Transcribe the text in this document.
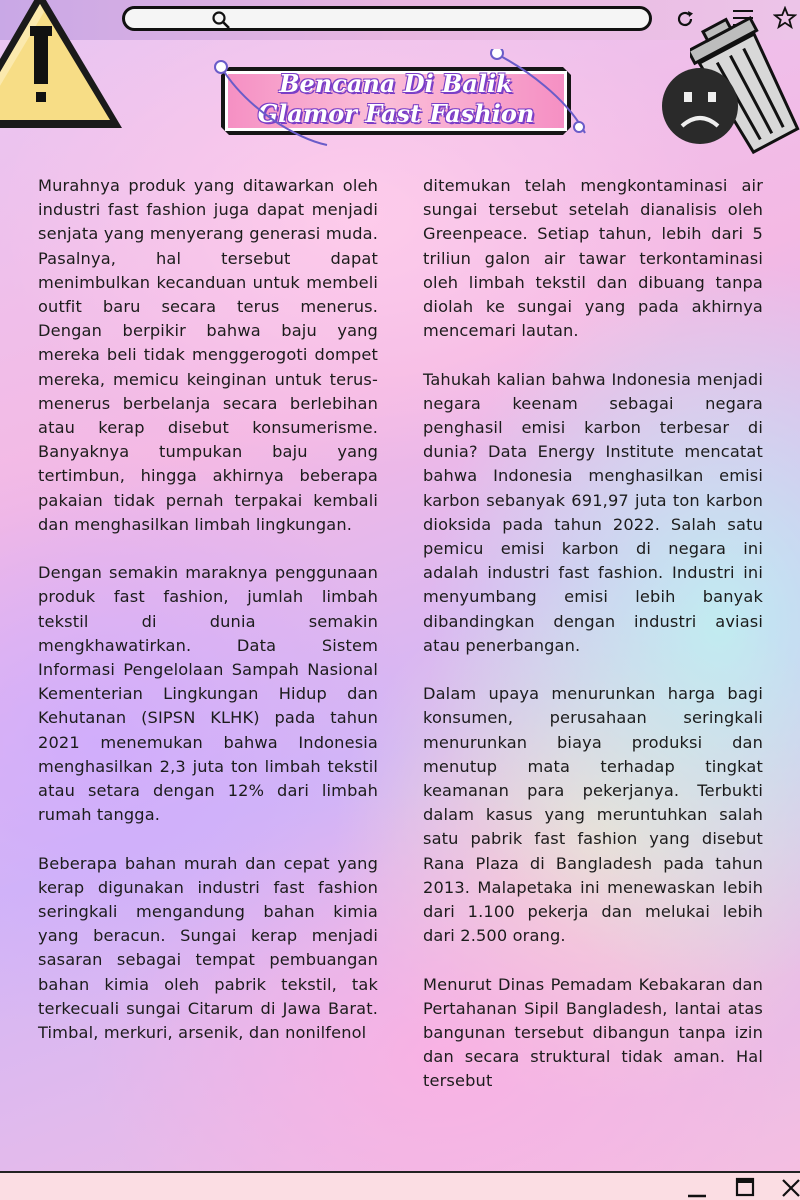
Bencana Di Balik
Glamor Fast Fashion

Murahnya produk yang ditawarkan oleh industri fast fashion juga dapat menjadi senjata yang menyerang generasi muda. Pasalnya, hal tersebut dapat menimbulkan kecanduan untuk membeli outfit baru secara terus menerus. Dengan berpikir bahwa baju yang mereka beli tidak menggerogoti dompet mereka, memicu keinginan untuk terus-menerus berbelanja secara berlebihan atau kerap disebut konsumerisme. Banyaknya tumpukan baju yang tertimbun, hingga akhirnya beberapa pakaian tidak pernah terpakai kembali dan menghasilkan limbah lingkungan.

Dengan semakin maraknya penggunaan produk fast fashion, jumlah limbah tekstil di dunia semakin mengkhawatirkan. Data Sistem Informasi Pengelolaan Sampah Nasional Kementerian Lingkungan Hidup dan Kehutanan (SIPSN KLHK) pada tahun 2021 menemukan bahwa Indonesia menghasilkan 2,3 juta ton limbah tekstil atau setara dengan 12% dari limbah rumah tangga.

Beberapa bahan murah dan cepat yang kerap digunakan industri fast fashion seringkali mengandung bahan kimia yang beracun. Sungai kerap menjadi sasaran sebagai tempat pembuangan bahan kimia oleh pabrik tekstil, tak terkecuali sungai Citarum di Jawa Barat. Timbal, merkuri, arsenik, dan nonilfenol

ditemukan telah mengkontaminasi air sungai tersebut setelah dianalisis oleh Greenpeace. Setiap tahun, lebih dari 5 triliun galon air tawar terkontaminasi oleh limbah tekstil dan dibuang tanpa diolah ke sungai yang pada akhirnya mencemari lautan.

Tahukah kalian bahwa Indonesia menjadi negara keenam sebagai negara penghasil emisi karbon terbesar di dunia? Data Energy Institute mencatat bahwa Indonesia menghasilkan emisi karbon sebanyak 691,97 juta ton karbon dioksida pada tahun 2022. Salah satu pemicu emisi karbon di negara ini adalah industri fast fashion. Industri ini menyumbang emisi lebih banyak dibandingkan dengan industri aviasi atau penerbangan.

Dalam upaya menurunkan harga bagi konsumen, perusahaan seringkali menurunkan biaya produksi dan menutup mata terhadap tingkat keamanan para pekerjanya. Terbukti dalam kasus yang meruntuhkan salah satu pabrik fast fashion yang disebut Rana Plaza di Bangladesh pada tahun 2013. Malapetaka ini menewaskan lebih dari 1.100 pekerja dan melukai lebih dari 2.500 orang.

Menurut Dinas Pemadam Kebakaran dan Pertahanan Sipil Bangladesh, lantai atas bangunan tersebut dibangun tanpa izin dan secara struktural tidak aman. Hal tersebut
